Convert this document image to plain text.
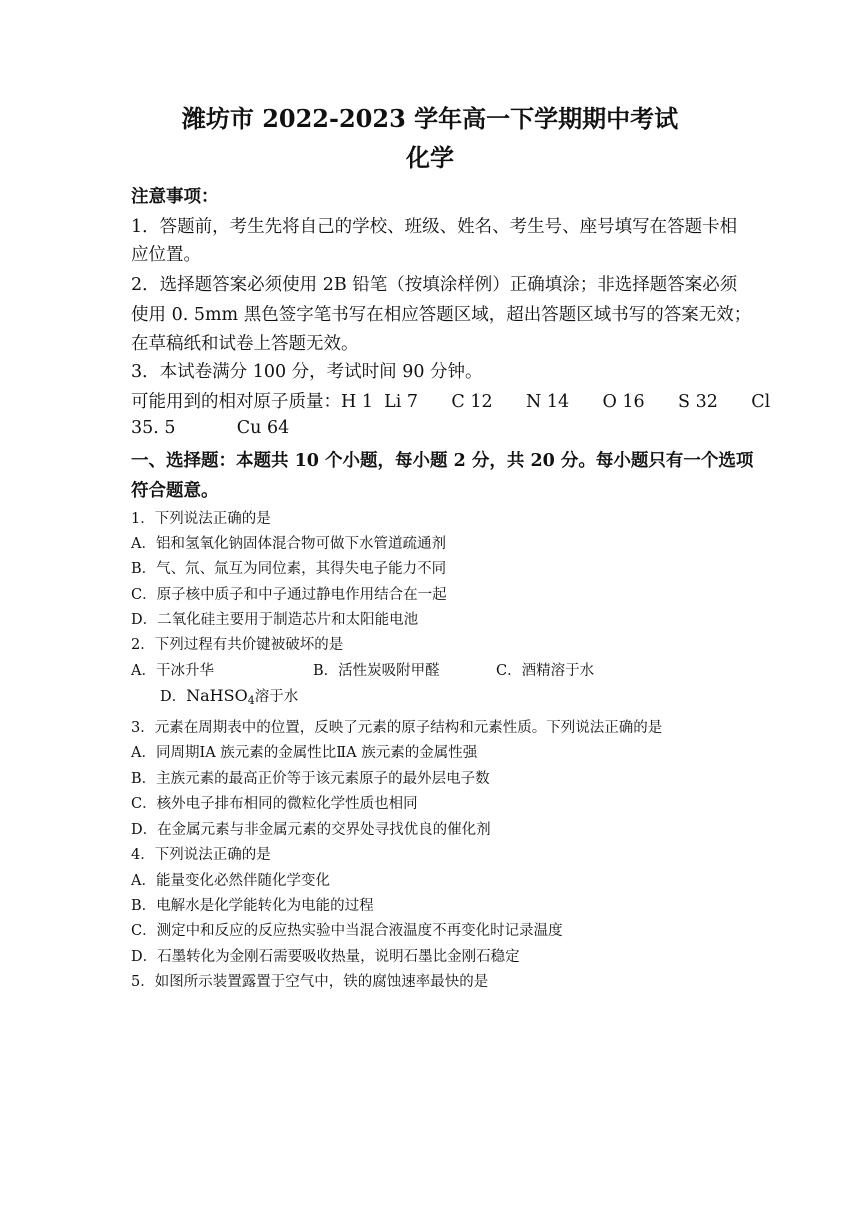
潍坊市 2022-2023 学年高一下学期期中考试
化学
注意事项：
1．答题前，考生先将自己的学校、班级、姓名、考生号、座号填写在答题卡相
应位置。
2．选择题答案必须使用 2B 铅笔（按填涂样例）正确填涂；非选择题答案必须
使用 0. 5mm 黑色签字笔书写在相应答题区域，超出答题区域书写的答案无效；
在草稿纸和试卷上答题无效。
3．本试卷满分 100 分，考试时间 90 分钟。
可能用到的相对原子质量：H 1  Li 7      C 12      N 14      O 16      S 32      Cl
35. 5           Cu 64
一、选择题：本题共 10 个小题，每小题 2 分，共 20 分。每小题只有一个选项
符合题意。
1．下列说法正确的是
A．铝和氢氧化钠固体混合物可做下水管道疏通剂
B．气、氘、氚互为同位素，其得失电子能力不同
C．原子核中质子和中子通过静电作用结合在一起
D．二氧化硅主要用于制造芯片和太阳能电池
2．下列过程有共价键被破坏的是
A．干冰升华	B．活性炭吸附甲醛	C．酒精溶于水
D．NaHSO$_4$溶于水
3．元素在周期表中的位置，反映了元素的原子结构和元素性质。下列说法正确的是
A．同周期ⅠA 族元素的金属性比ⅡA 族元素的金属性强
B．主族元素的最高正价等于该元素原子的最外层电子数
C．核外电子排布相同的微粒化学性质也相同
D．在金属元素与非金属元素的交界处寻找优良的催化剂
4．下列说法正确的是
A．能量变化必然伴随化学变化
B．电解水是化学能转化为电能的过程
C．测定中和反应的反应热实验中当混合液温度不再变化时记录温度
D．石墨转化为金刚石需要吸收热量，说明石墨比金刚石稳定
5．如图所示装置露置于空气中，铁的腐蚀速率最快的是
